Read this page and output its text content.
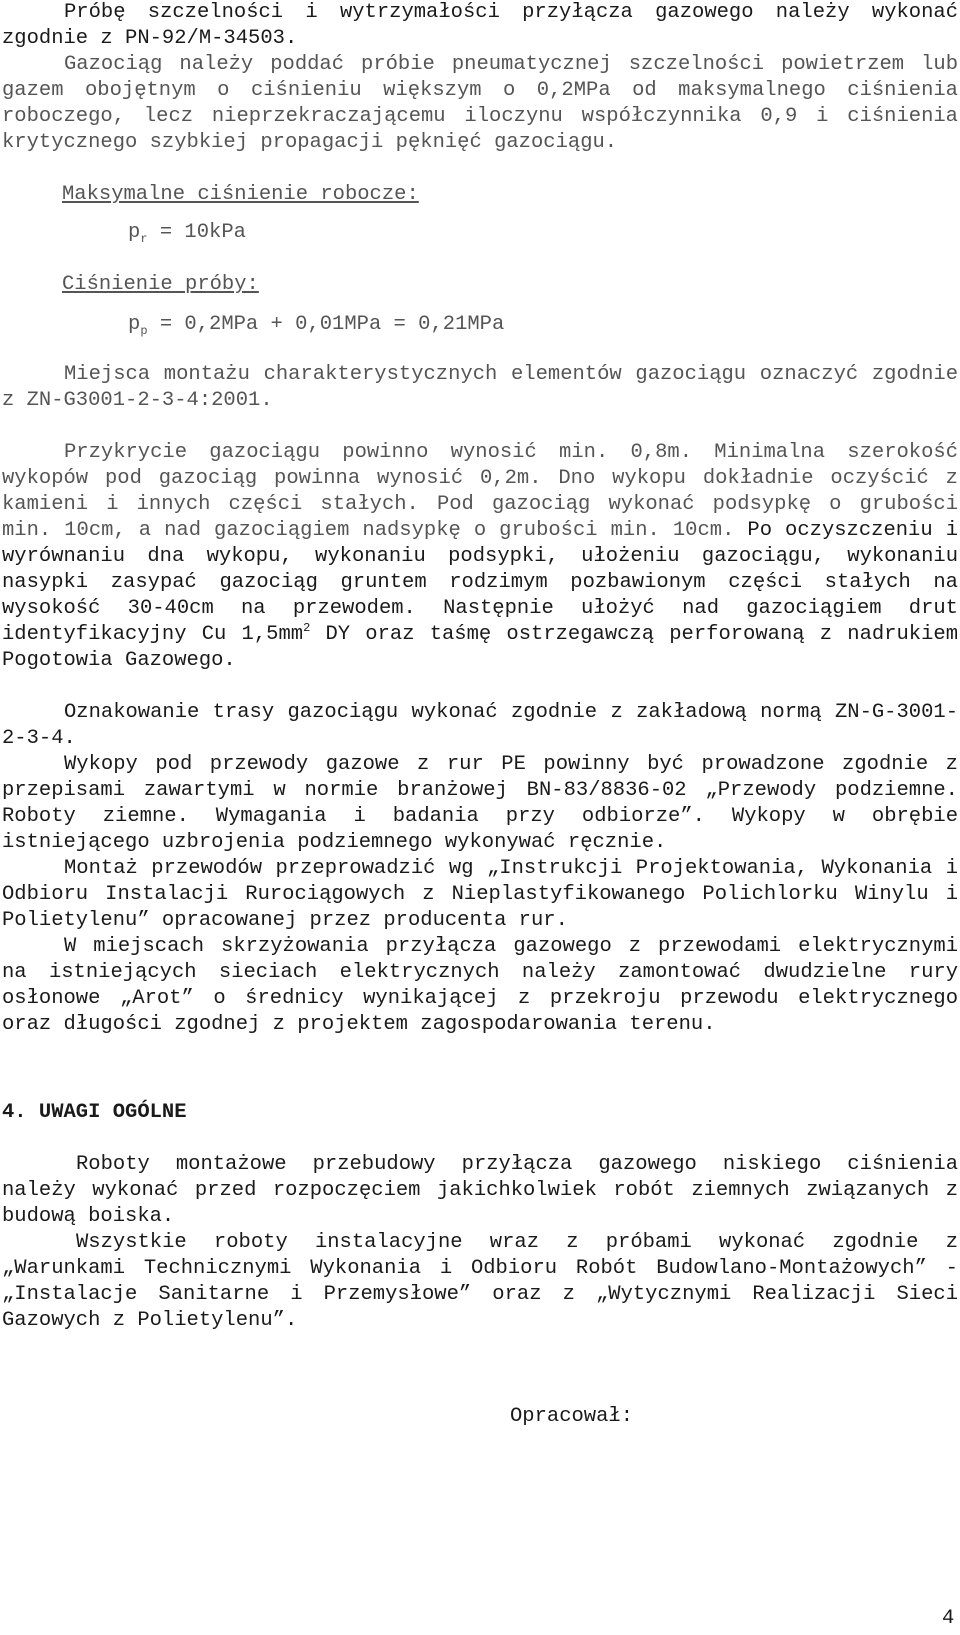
Próbę szczelności i wytrzymałości przyłącza gazowego należy wykonać zgodnie z PN-92/M-34503.

Gazociąg należy poddać próbie pneumatycznej szczelności powietrzem lub gazem obojętnym o ciśnieniu większym o 0,2MPa od maksymalnego ciśnienia roboczego, lecz nieprzekraczającemu iloczynu współczynnika 0,9 i ciśnienia krytycznego szybkiej propagacji pęknięć gazociągu.

Maksymalne ciśnienie robocze:
$p_r = 10kPa$
Ciśnienie próby:
$p_p = 0,2MPa + 0,01MPa = 0,21MPa$

Miejsca montażu charakterystycznych elementów gazociągu oznaczyć zgodnie z ZN-G3001-2-3-4:2001.

Przykrycie gazociągu powinno wynosić min. 0,8m. Minimalna szerokość wykopów pod gazociąg powinna wynosić 0,2m. Dno wykopu dokładnie oczyścić z kamieni i innych części stałych. Pod gazociąg wykonać podsypkę o grubości min. 10cm, a nad gazociągiem nadsypkę o grubości min. 10cm. Po oczyszczeniu i wyrównaniu dna wykopu, wykonaniu podsypki, ułożeniu gazociągu, wykonaniu nasypki zasypać gazociąg gruntem rodzimym pozbawionym części stałych na wysokość 30-40cm na przewodem. Następnie ułożyć nad gazociągiem drut identyfikacyjny Cu $1,5mm^2$ DY oraz taśmę ostrzegawczą perforowaną z nadrukiem Pogotowia Gazowego.

Oznakowanie trasy gazociągu wykonać zgodnie z zakładową normą ZN-G-3001-2-3-4.

Wykopy pod przewody gazowe z rur PE powinny być prowadzone zgodnie z przepisami zawartymi w normie branżowej BN-83/8836-02 „Przewody podziemne. Roboty ziemne. Wymagania i badania przy odbiorze”. Wykopy w obrębie istniejącego uzbrojenia podziemnego wykonywać ręcznie.

Montaż przewodów przeprowadzić wg „Instrukcji Projektowania, Wykonania i Odbioru Instalacji Rurociągowych z Nieplastyfikowanego Polichlorku Winylu i Polietylenu” opracowanej przez producenta rur.

W miejscach skrzyżowania przyłącza gazowego z przewodami elektrycznymi na istniejących sieciach elektrycznych należy zamontować dwudzielne rury osłonowe „Arot” o średnicy wynikającej z przekroju przewodu elektrycznego oraz długości zgodnej z projektem zagospodarowania terenu.

4. UWAGI OGÓLNE

Roboty montażowe przebudowy przyłącza gazowego niskiego ciśnienia należy wykonać przed rozpoczęciem jakichkolwiek robót ziemnych związanych z budową boiska.

Wszystkie roboty instalacyjne wraz z próbami wykonać zgodnie z „Warunkami Technicznymi Wykonania i Odbioru Robót Budowlano-Montażowych” - „Instalacje Sanitarne i Przemysłowe” oraz z „Wytycznymi Realizacji Sieci Gazowych z Polietylenu”.

Opracował:
4
